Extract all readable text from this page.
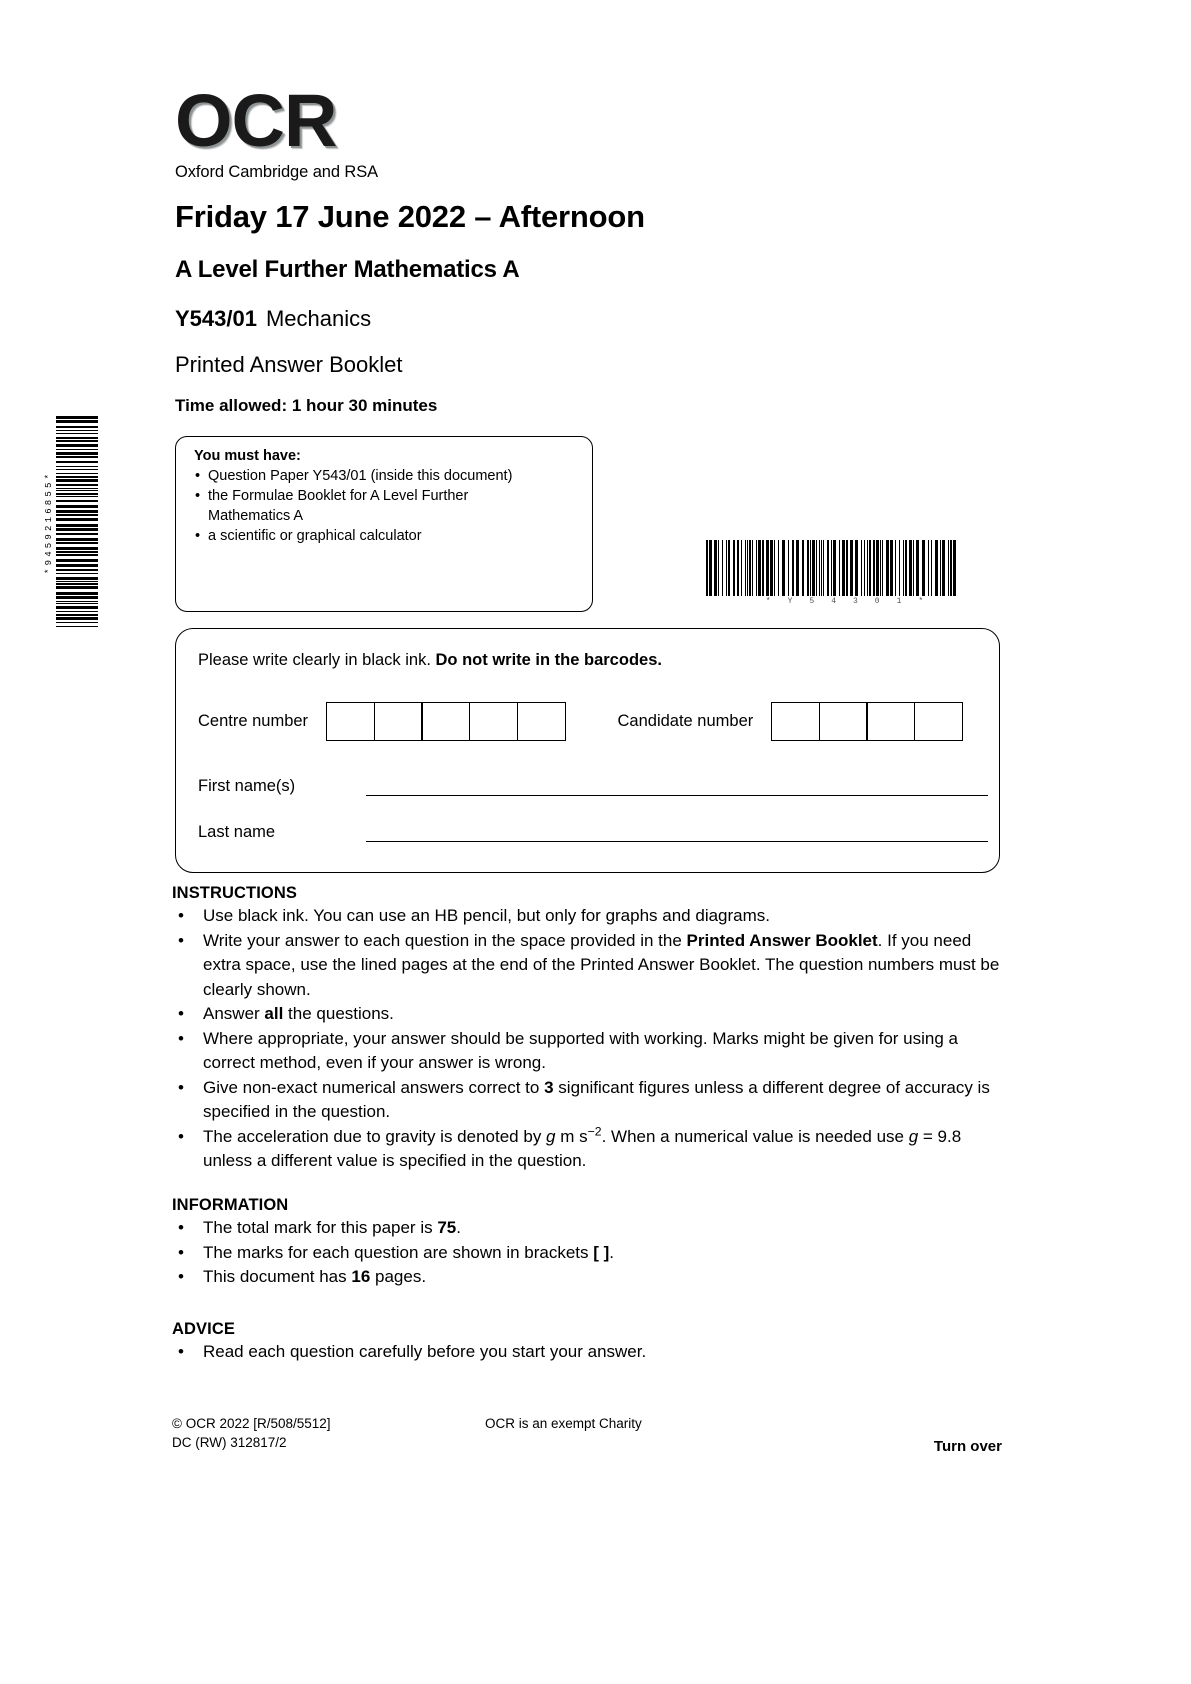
*9459216855*
OCR
Oxford Cambridge and RSA
Friday 17 June 2022 – Afternoon
A Level Further Mathematics A
Y543/01 Mechanics
Printed Answer Booklet
Time allowed: 1 hour 30 minutes
You must have:
• Question Paper Y543/01 (inside this document)
• the Formulae Booklet for A Level Further
Mathematics A
• a scientific or graphical calculator
*Y54301*
Please write clearly in black ink. Do not write in the barcodes.
Centre number	Candidate number
First name(s)
Last name
INSTRUCTIONS
• Use black ink. You can use an HB pencil, but only for graphs and diagrams.
• Write your answer to each question in the space provided in the Printed Answer Booklet. If you need extra space, use the lined pages at the end of the Printed Answer Booklet. The question numbers must be clearly shown.
• Answer all the questions.
• Where appropriate, your answer should be supported with working. Marks might be given for using a correct method, even if your answer is wrong.
• Give non-exact numerical answers correct to 3 significant figures unless a different degree of accuracy is specified in the question.
• The acceleration due to gravity is denoted by g m $s^{-2}$. When a numerical value is needed use g = 9.8 unless a different value is specified in the question.
INFORMATION
• The total mark for this paper is 75.
• The marks for each question are shown in brackets [ ].
• This document has 16 pages.
ADVICE
• Read each question carefully before you start your answer.
© OCR 2022 [R/508/5512]
DC (RW) 312817/2
OCR is an exempt Charity
Turn over
